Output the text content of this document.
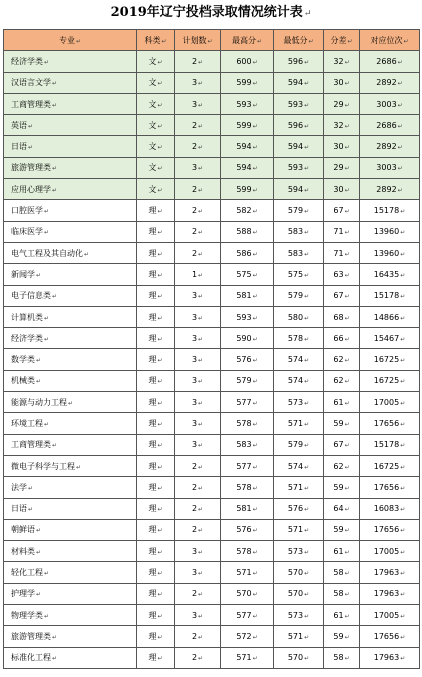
2019年辽宁投档录取情况统计表↵
专业↵	科类↵	计划数↵	最高分↵	最低分↵	分差↵	对应位次↵
经济学类↵	文↵	2↵	600↵	596↵	32↵	2686↵
汉语言文学↵	文↵	3↵	599↵	594↵	30↵	2892↵
工商管理类↵	文↵	3↵	593↵	593↵	29↵	3003↵
英语↵	文↵	2↵	599↵	596↵	32↵	2686↵
日语↵	文↵	2↵	594↵	594↵	30↵	2892↵
旅游管理类↵	文↵	3↵	594↵	593↵	29↵	3003↵
应用心理学↵	文↵	2↵	599↵	594↵	30↵	2892↵
口腔医学↵	理↵	2↵	582↵	579↵	67↵	15178↵
临床医学↵	理↵	2↵	588↵	583↵	71↵	13960↵
电气工程及其自动化↵	理↵	2↵	586↵	583↵	71↵	13960↵
新闻学↵	理↵	1↵	575↵	575↵	63↵	16435↵
电子信息类↵	理↵	3↵	581↵	579↵	67↵	15178↵
计算机类↵	理↵	3↵	593↵	580↵	68↵	14866↵
经济学类↵	理↵	3↵	590↵	578↵	66↵	15467↵
数学类↵	理↵	3↵	576↵	574↵	62↵	16725↵
机械类↵	理↵	3↵	579↵	574↵	62↵	16725↵
能源与动力工程↵	理↵	3↵	577↵	573↵	61↵	17005↵
环境工程↵	理↵	3↵	578↵	571↵	59↵	17656↵
工商管理类↵	理↵	3↵	583↵	579↵	67↵	15178↵
微电子科学与工程↵	理↵	2↵	577↵	574↵	62↵	16725↵
法学↵	理↵	2↵	578↵	571↵	59↵	17656↵
日语↵	理↵	2↵	581↵	576↵	64↵	16083↵
朝鲜语↵	理↵	2↵	576↵	571↵	59↵	17656↵
材料类↵	理↵	3↵	578↵	573↵	61↵	17005↵
轻化工程↵	理↵	3↵	571↵	570↵	58↵	17963↵
护理学↵	理↵	2↵	570↵	570↵	58↵	17963↵
物理学类↵	理↵	3↵	577↵	573↵	61↵	17005↵
旅游管理类↵	理↵	2↵	572↵	571↵	59↵	17656↵
标准化工程↵	理↵	2↵	571↵	570↵	58↵	17963↵
